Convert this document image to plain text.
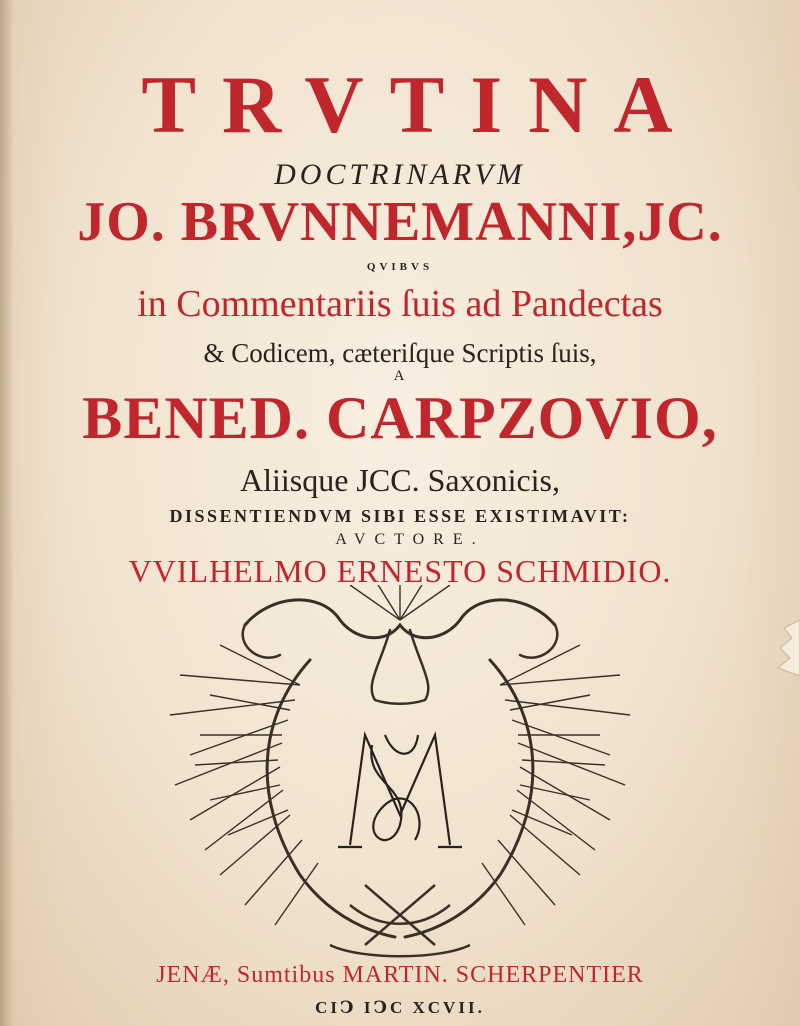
TRVTINA
DOCTRINARVM
JO. BRVNNEMANNI,JC.
QVIBVS
in Commentariis ſuis ad Pandectas
& Codicem, cæteriſque Scriptis ſuis,
A
BENED. CARPZOVIO,
Aliisque JCC. Saxonicis,
DISSENTIENDVM SIBI ESSE EXISTIMAVIT:
AVCTORE.
VVILHELMO ERNESTO SCHMIDIO.
JENÆ, Sumtibus MARTIN. SCHERPENTIER
CIↃ IↃC XCVII.
